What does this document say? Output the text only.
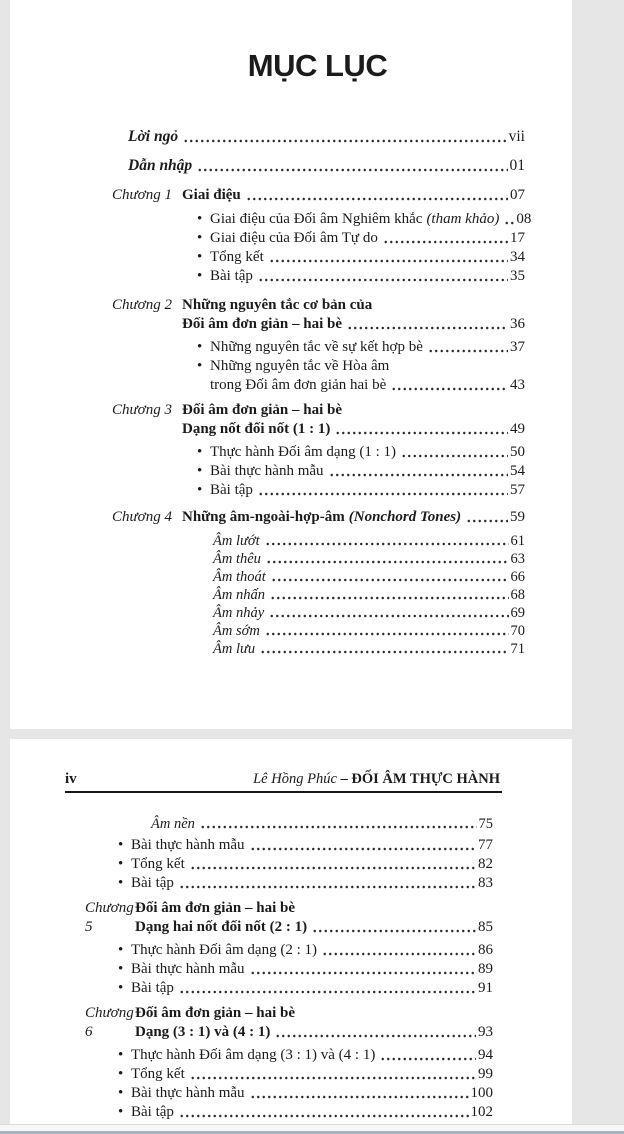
MỤC LỤC
Lời ngỏ	vii
Dẫn nhập	01
Chương 1 Giai điệu	07
• Giai điệu của Đối âm Nghiêm khắc (tham khảo) 08
• Giai điệu của Đối âm Tự do	17
• Tổng kết	34
• Bài tập	35
Chương 2 Những nguyên tắc cơ bản của
Đối âm đơn giản – hai bè	36
• Những nguyên tắc về sự kết hợp bè	37
• Những nguyên tắc về Hòa âm
trong Đối âm đơn giản hai bè	43
Chương 3 Đối âm đơn giản – hai bè
Dạng nốt đối nốt (1 : 1)	49
• Thực hành Đối âm dạng (1 : 1)	50
• Bài thực hành mẫu	54
• Bài tập	57
Chương 4 Những âm-ngoài-hợp-âm (Nonchord Tones)	59
Âm lướt	61
Âm thêu	63
Âm thoát	66
Âm nhấn	68
Âm nhảy	69
Âm sớm	70
Âm lưu	71
iv	Lê Hồng Phúc – ĐỐI ÂM THỰC HÀNH
Âm nền	75
• Bài thực hành mẫu	77
• Tổng kết	82
• Bài tập	83
Chương 5
Đối âm đơn giản – hai bè
Dạng hai nốt đối nốt (2 : 1)	85
• Thực hành Đối âm dạng (2 : 1)	86
• Bài thực hành mẫu	89
• Bài tập	91
Chương 6
Đối âm đơn giản – hai bè
Dạng (3 : 1) và (4 : 1)	93
• Thực hành Đối âm dạng (3 : 1) và (4 : 1)	94
• Tổng kết	99
• Bài thực hành mẫu	100
• Bài tập	102
